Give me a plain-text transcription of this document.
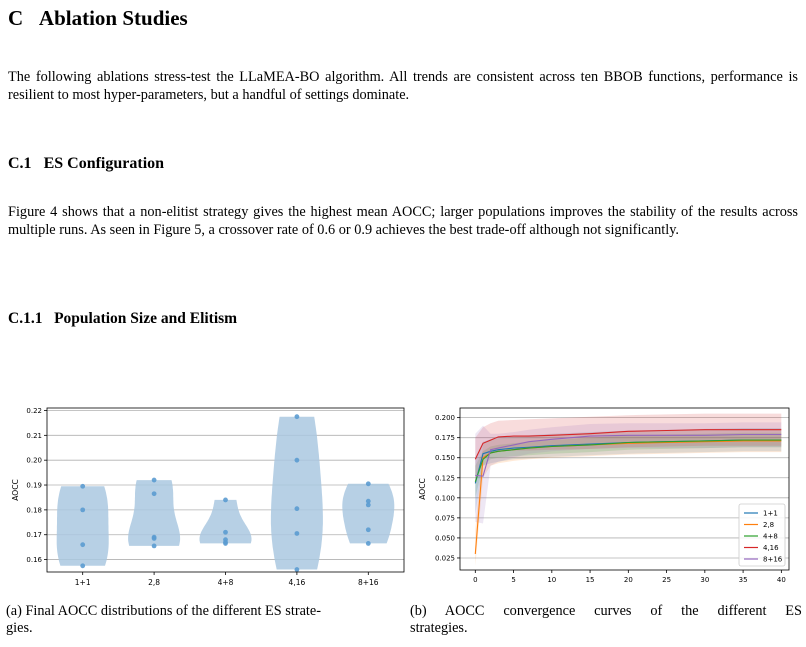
C Ablation Studies

The following ablations stress-test the LLaMEA-BO algorithm. All trends are consistent across ten BBOB functions, performance is resilient to most hyper-parameters, but a handful of settings dominate.

C.1 ES Configuration

Figure 4 shows that a non-elitist strategy gives the highest mean AOCC; larger populations improves the stability of the results across multiple runs. As seen in Figure 5, a crossover rate of 0.6 or 0.9 achieves the best trade-off although not significantly.

C.1.1 Population Size and Elitism
0.16
0.17
0.18
0.19
0.20
0.21
0.22
1+1	2,8	4+8	4,16	8+16
AOCC
0.025
0.050
0.075
0.100
0.125
0.150
0.175
0.200
0	5	10	15	20	25	30	35	40
AOCC
1+1
2,8
4+8
4,16
8+16
(a) Final AOCC distributions of the different ES strate-
gies.
(b) AOCC convergence curves of the different ES
strategies.
